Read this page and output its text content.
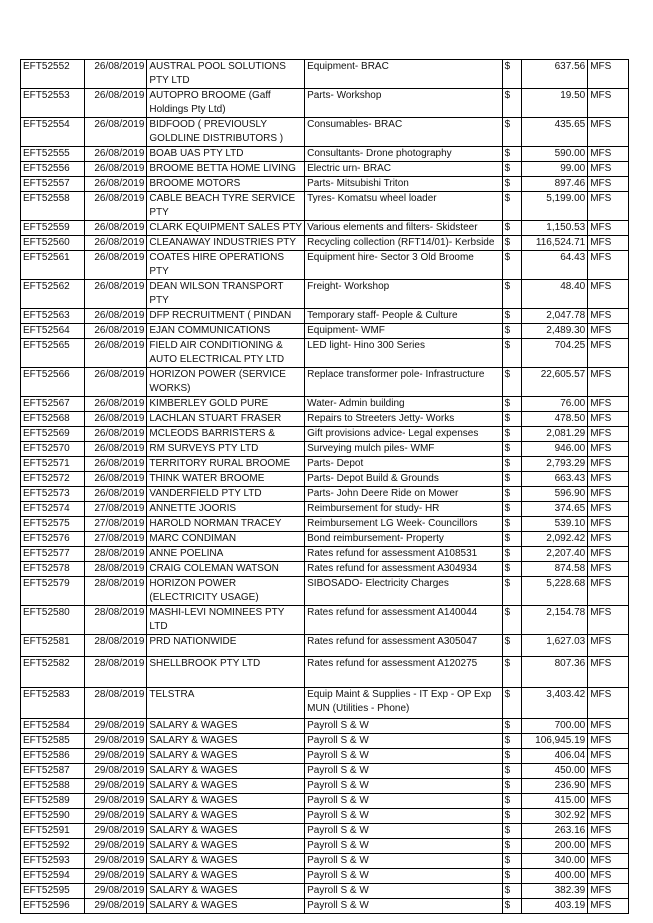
EFT52552	26/08/2019	AUSTRAL POOL SOLUTIONS PTY LTD	Equipment- BRAC	$	637.56	MFS
EFT52553	26/08/2019	AUTOPRO BROOME (Gaff Holdings Pty Ltd)	Parts- Workshop	$	19.50	MFS
EFT52554	26/08/2019	BIDFOOD ( PREVIOUSLY GOLDLINE DISTRIBUTORS )	Consumables- BRAC	$	435.65	MFS
EFT52555	26/08/2019	BOAB UAS PTY LTD	Consultants- Drone photography	$	590.00	MFS
EFT52556	26/08/2019	BROOME BETTA HOME LIVING	Electric urn- BRAC	$	99.00	MFS
EFT52557	26/08/2019	BROOME MOTORS	Parts- Mitsubishi Triton	$	897.46	MFS
EFT52558	26/08/2019	CABLE BEACH TYRE SERVICE PTY	Tyres- Komatsu wheel loader	$	5,199.00	MFS
EFT52559	26/08/2019	CLARK EQUIPMENT SALES PTY	Various elements and filters- Skidsteer	$	1,150.53	MFS
EFT52560	26/08/2019	CLEANAWAY INDUSTRIES PTY	Recycling collection (RFT14/01)- Kerbside	$	116,524.71	MFS
EFT52561	26/08/2019	COATES HIRE OPERATIONS PTY	Equipment hire- Sector 3 Old Broome	$	64.43	MFS
EFT52562	26/08/2019	DEAN WILSON TRANSPORT PTY	Freight- Workshop	$	48.40	MFS
EFT52563	26/08/2019	DFP RECRUITMENT ( PINDAN	Temporary staff- People & Culture	$	2,047.78	MFS
EFT52564	26/08/2019	EJAN COMMUNICATIONS	Equipment- WMF	$	2,489.30	MFS
EFT52565	26/08/2019	FIELD AIR CONDITIONING & AUTO ELECTRICAL PTY LTD	LED light- Hino 300 Series	$	704.25	MFS
EFT52566	26/08/2019	HORIZON POWER (SERVICE WORKS)	Replace transformer pole- Infrastructure	$	22,605.57	MFS
EFT52567	26/08/2019	KIMBERLEY GOLD PURE	Water- Admin building	$	76.00	MFS
EFT52568	26/08/2019	LACHLAN STUART FRASER	Repairs to Streeters Jetty- Works	$	478.50	MFS
EFT52569	26/08/2019	MCLEODS BARRISTERS &	Gift provisions advice- Legal expenses	$	2,081.29	MFS
EFT52570	26/08/2019	RM SURVEYS PTY LTD	Surveying mulch piles- WMF	$	946.00	MFS
EFT52571	26/08/2019	TERRITORY RURAL BROOME	Parts- Depot	$	2,793.29	MFS
EFT52572	26/08/2019	THINK WATER BROOME	Parts- Depot Build & Grounds	$	663.43	MFS
EFT52573	26/08/2019	VANDERFIELD PTY LTD	Parts- John Deere Ride on Mower	$	596.90	MFS
EFT52574	27/08/2019	ANNETTE JOORIS	Reimbursement for study- HR	$	374.65	MFS
EFT52575	27/08/2019	HAROLD NORMAN TRACEY	Reimbursement LG Week- Councillors	$	539.10	MFS
EFT52576	27/08/2019	MARC CONDIMAN	Bond reimbursement- Property	$	2,092.42	MFS
EFT52577	28/08/2019	ANNE POELINA	Rates refund for assessment A108531	$	2,207.40	MFS
EFT52578	28/08/2019	CRAIG COLEMAN WATSON	Rates refund for assessment A304934	$	874.58	MFS
EFT52579	28/08/2019	HORIZON POWER (ELECTRICITY USAGE)	SIBOSADO- Electricity Charges	$	5,228.68	MFS
EFT52580	28/08/2019	MASHI-LEVI NOMINEES PTY LTD	Rates refund for assessment A140044	$	2,154.78	MFS
EFT52581	28/08/2019	PRD NATIONWIDE	Rates refund for assessment A305047	$	1,627.03	MFS
EFT52582	28/08/2019	SHELLBROOK PTY LTD	Rates refund for assessment A120275	$	807.36	MFS
EFT52583	28/08/2019	TELSTRA	Equip Maint & Supplies - IT Exp - OP Exp MUN (Utilities - Phone)	$	3,403.42	MFS
EFT52584	29/08/2019	SALARY & WAGES	Payroll S & W	$	700.00	MFS
EFT52585	29/08/2019	SALARY & WAGES	Payroll S & W	$	106,945.19	MFS
EFT52586	29/08/2019	SALARY & WAGES	Payroll S & W	$	406.04	MFS
EFT52587	29/08/2019	SALARY & WAGES	Payroll S & W	$	450.00	MFS
EFT52588	29/08/2019	SALARY & WAGES	Payroll S & W	$	236.90	MFS
EFT52589	29/08/2019	SALARY & WAGES	Payroll S & W	$	415.00	MFS
EFT52590	29/08/2019	SALARY & WAGES	Payroll S & W	$	302.92	MFS
EFT52591	29/08/2019	SALARY & WAGES	Payroll S & W	$	263.16	MFS
EFT52592	29/08/2019	SALARY & WAGES	Payroll S & W	$	200.00	MFS
EFT52593	29/08/2019	SALARY & WAGES	Payroll S & W	$	340.00	MFS
EFT52594	29/08/2019	SALARY & WAGES	Payroll S & W	$	400.00	MFS
EFT52595	29/08/2019	SALARY & WAGES	Payroll S & W	$	382.39	MFS
EFT52596	29/08/2019	SALARY & WAGES	Payroll S & W	$	403.19	MFS
